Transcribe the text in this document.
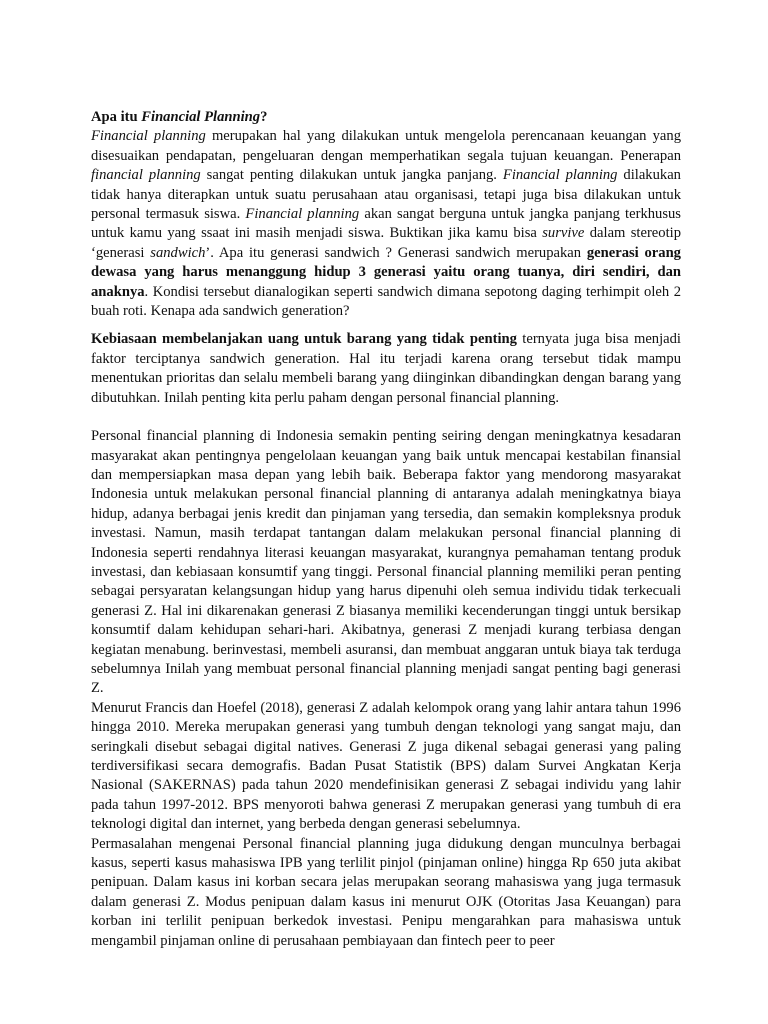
Apa itu Financial Planning?

Financial planning merupakan hal yang dilakukan untuk mengelola perencanaan keuangan yang disesuaikan pendapatan, pengeluaran dengan memperhatikan segala tujuan keuangan. Penerapan financial planning sangat penting dilakukan untuk jangka panjang. Financial planning dilakukan tidak hanya diterapkan untuk suatu perusahaan atau organisasi, tetapi juga bisa dilakukan untuk personal termasuk siswa. Financial planning akan sangat berguna untuk jangka panjang terkhusus untuk kamu yang ssaat ini masih menjadi siswa. Buktikan jika kamu bisa survive dalam stereotip ‘generasi sandwich’. Apa itu generasi sandwich ? Generasi sandwich merupakan generasi orang dewasa yang harus menanggung hidup 3 generasi yaitu orang tuanya, diri sendiri, dan anaknya. Kondisi tersebut dianalogikan seperti sandwich dimana sepotong daging terhimpit oleh 2 buah roti. Kenapa ada sandwich generation?

Kebiasaan membelanjakan uang untuk barang yang tidak penting ternyata juga bisa menjadi faktor terciptanya sandwich generation. Hal itu terjadi karena orang tersebut tidak mampu menentukan prioritas dan selalu membeli barang yang diinginkan dibandingkan dengan barang yang dibutuhkan. Inilah penting kita perlu paham dengan personal financial planning.

Personal financial planning di Indonesia semakin penting seiring dengan meningkatnya kesadaran masyarakat akan pentingnya pengelolaan keuangan yang baik untuk mencapai kestabilan finansial dan mempersiapkan masa depan yang lebih baik. Beberapa faktor yang mendorong masyarakat Indonesia untuk melakukan personal financial planning di antaranya adalah meningkatnya biaya hidup, adanya berbagai jenis kredit dan pinjaman yang tersedia, dan semakin kompleksnya produk investasi. Namun, masih terdapat tantangan dalam melakukan personal financial planning di Indonesia seperti rendahnya literasi keuangan masyarakat, kurangnya pemahaman tentang produk investasi, dan kebiasaan konsumtif yang tinggi. Personal financial planning memiliki peran penting sebagai persyaratan kelangsungan hidup yang harus dipenuhi oleh semua individu tidak terkecuali generasi Z. Hal ini dikarenakan generasi Z biasanya memiliki kecenderungan tinggi untuk bersikap konsumtif dalam kehidupan sehari-hari. Akibatnya, generasi Z menjadi kurang terbiasa dengan kegiatan menabung. berinvestasi, membeli asuransi, dan membuat anggaran untuk biaya tak terduga sebelumnya Inilah yang membuat personal financial planning menjadi sangat penting bagi generasi Z.

Menurut Francis dan Hoefel (2018), generasi Z adalah kelompok orang yang lahir antara tahun 1996 hingga 2010. Mereka merupakan generasi yang tumbuh dengan teknologi yang sangat maju, dan seringkali disebut sebagai digital natives. Generasi Z juga dikenal sebagai generasi yang paling terdiversifikasi secara demografis. Badan Pusat Statistik (BPS) dalam Survei Angkatan Kerja Nasional (SAKERNAS) pada tahun 2020 mendefinisikan generasi Z sebagai individu yang lahir pada tahun 1997-2012. BPS menyoroti bahwa generasi Z merupakan generasi yang tumbuh di era teknologi digital dan internet, yang berbeda dengan generasi sebelumnya.

Permasalahan mengenai Personal financial planning juga didukung dengan munculnya berbagai kasus, seperti kasus mahasiswa IPB yang terlilit pinjol (pinjaman online) hingga Rp 650 juta akibat penipuan. Dalam kasus ini korban secara jelas merupakan seorang mahasiswa yang juga termasuk dalam generasi Z. Modus penipuan dalam kasus ini menurut OJK (Otoritas Jasa Keuangan) para korban ini terlilit penipuan berkedok investasi. Penipu mengarahkan para mahasiswa untuk mengambil pinjaman online di perusahaan pembiayaan dan fintech peer to peer
